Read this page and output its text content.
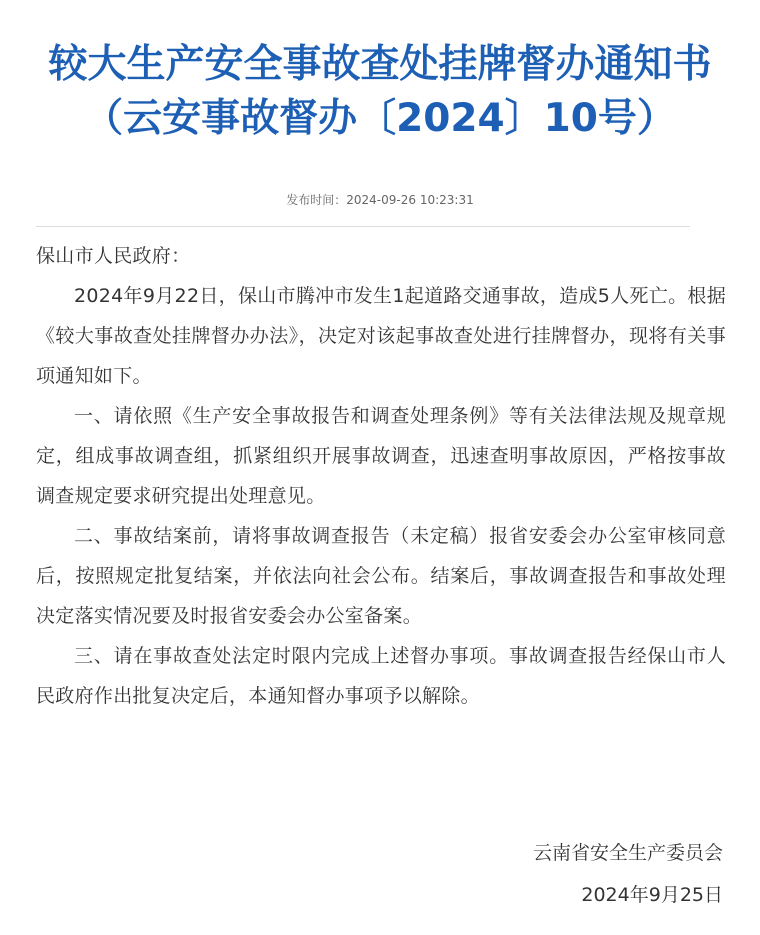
较大生产安全事故查处挂牌督办通知书
（云安事故督办〔2024〕10号）
发布时间：2024-09-26 10:23:31

保山市人民政府：

2024年9月22日，保山市腾冲市发生1起道路交通事故，造成5人死亡。根据《较大事故查处挂牌督办办法》，决定对该起事故查处进行挂牌督办，现将有关事项通知如下。

一、请依照《生产安全事故报告和调查处理条例》等有关法律法规及规章规定，组成事故调查组，抓紧组织开展事故调查，迅速查明事故原因，严格按事故调查规定要求研究提出处理意见。

二、事故结案前，请将事故调查报告（未定稿）报省安委会办公室审核同意后，按照规定批复结案，并依法向社会公布。结案后，事故调查报告和事故处理决定落实情况要及时报省安委会办公室备案。

三、请在事故查处法定时限内完成上述督办事项。事故调查报告经保山市人民政府作出批复决定后，本通知督办事项予以解除。

云南省安全生产委员会
2024年9月25日
